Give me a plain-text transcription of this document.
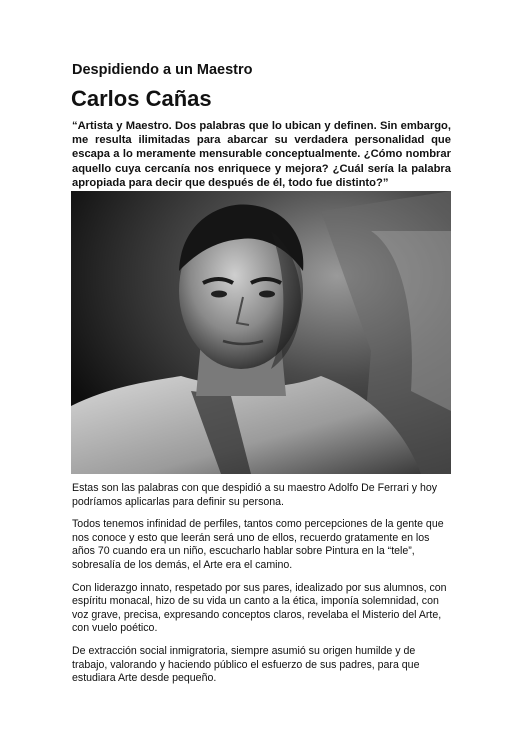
Despidiendo a un Maestro
Carlos Cañas

“Artista y Maestro. Dos palabras que lo ubican y definen. Sin embargo, me resulta ilimitadas para abarcar su verdadera personalidad que escapa a lo meramente mensurable conceptualmente. ¿Cómo nombrar aquello cuya cercanía nos enriquece y mejora? ¿Cuál sería la palabra apropiada para decir que después de él, todo fue distinto?”

Estas son las palabras con que despidió a su maestro Adolfo De Ferrari y hoy podríamos aplicarlas para definir su persona.

Todos tenemos infinidad de perfiles, tantos como percepciones de la gente que nos conoce y esto que leerán será uno de ellos, recuerdo gratamente en los años 70 cuando era un niño, escucharlo hablar sobre Pintura en la “tele”, sobresalía de los demás, el Arte era el camino.

Con liderazgo innato, respetado por sus pares, idealizado por sus alumnos, con espíritu monacal, hizo de su vida un canto a la ética, imponía solemnidad, con voz grave, precisa, expresando conceptos claros, revelaba el Misterio del Arte, con vuelo poético.

De extracción social inmigratoria, siempre asumió su origen humilde y de trabajo, valorando y haciendo público el esfuerzo de sus padres, para que estudiara Arte desde pequeño.
